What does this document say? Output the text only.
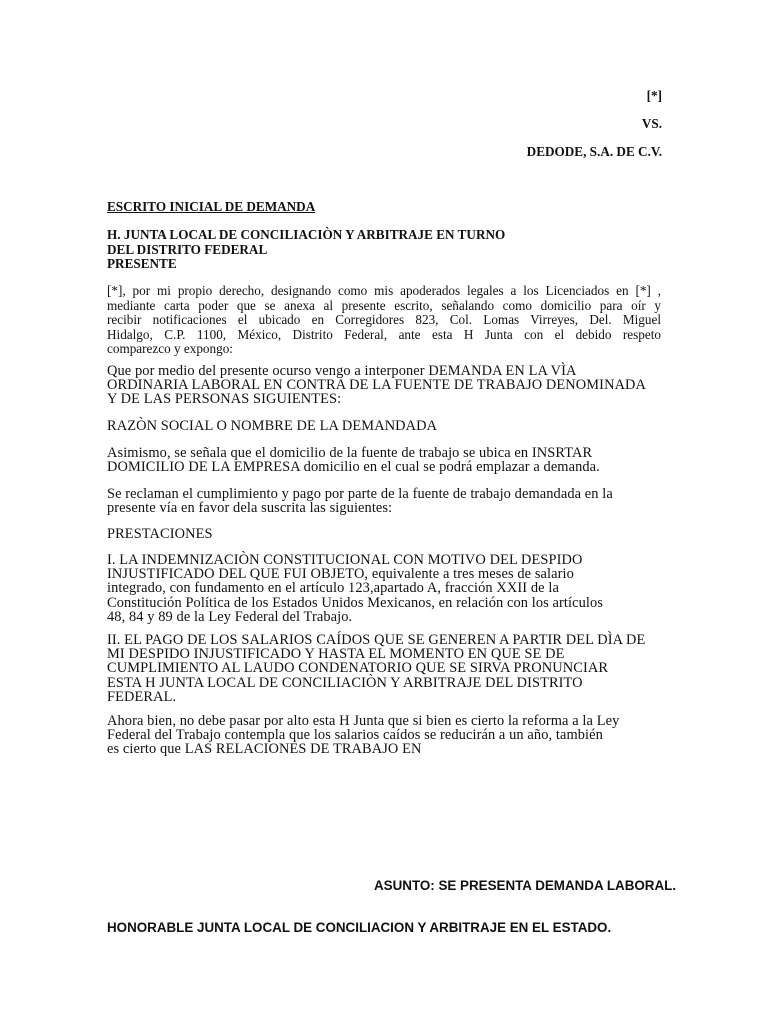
[*]
VS.
DEDODE, S.A. DE C.V.
ESCRITO INICIAL DE DEMANDA
H. JUNTA LOCAL DE CONCILIACIÒN Y ARBITRAJE EN TURNO
DEL DISTRITO FEDERAL
PRESENTE
[*], por mi propio derecho, designando como mis apoderados legales a los Licenciados en [*] ,
mediante carta poder que se anexa al presente escrito, señalando como domicilio para oír y
recibir notificaciones el ubicado en Corregidores 823, Col. Lomas Virreyes, Del. Miguel
Hidalgo, C.P. 1100, México, Distrito Federal, ante esta H Junta con el debido respeto
comparezco y expongo:
Que por medio del presente ocurso vengo a interponer DEMANDA EN LA VÌA
ORDINARIA LABORAL EN CONTRA DE LA FUENTE DE TRABAJO DENOMINADA
Y DE LAS PERSONAS SIGUIENTES:
RAZÒN SOCIAL O NOMBRE DE LA DEMANDADA
Asimismo, se señala que el domicilio de la fuente de trabajo se ubica en INSRTAR
DOMICILIO DE LA EMPRESA domicilio en el cual se podrá emplazar a demanda.
Se reclaman el cumplimiento y pago por parte de la fuente de trabajo demandada en la
presente vía en favor dela suscrita las siguientes:
PRESTACIONES
I. LA INDEMNIZACIÒN CONSTITUCIONAL CON MOTIVO DEL DESPIDO
INJUSTIFICADO DEL QUE FUI OBJETO, equivalente a tres meses de salario
integrado, con fundamento en el artículo 123,apartado A, fracción XXII de la
Constitución Política de los Estados Unidos Mexicanos, en relación con los artículos
48, 84 y 89 de la Ley Federal del Trabajo.
II. EL PAGO DE LOS SALARIOS CAÍDOS QUE SE GENEREN A PARTIR DEL DÌA DE
MI DESPIDO INJUSTIFICADO Y HASTA EL MOMENTO EN QUE SE DE
CUMPLIMIENTO AL LAUDO CONDENATORIO QUE SE SIRVA PRONUNCIAR
ESTA H JUNTA LOCAL DE CONCILIACIÒN Y ARBITRAJE DEL DISTRITO
FEDERAL.
Ahora bien, no debe pasar por alto esta H Junta que si bien es cierto la reforma a la Ley
Federal del Trabajo contempla que los salarios caídos se reducirán a un año, también
es cierto que LAS RELACIONES DE TRABAJO EN
ASUNTO: SE PRESENTA DEMANDA LABORAL.
HONORABLE JUNTA LOCAL DE CONCILIACION Y ARBITRAJE EN EL ESTADO.
